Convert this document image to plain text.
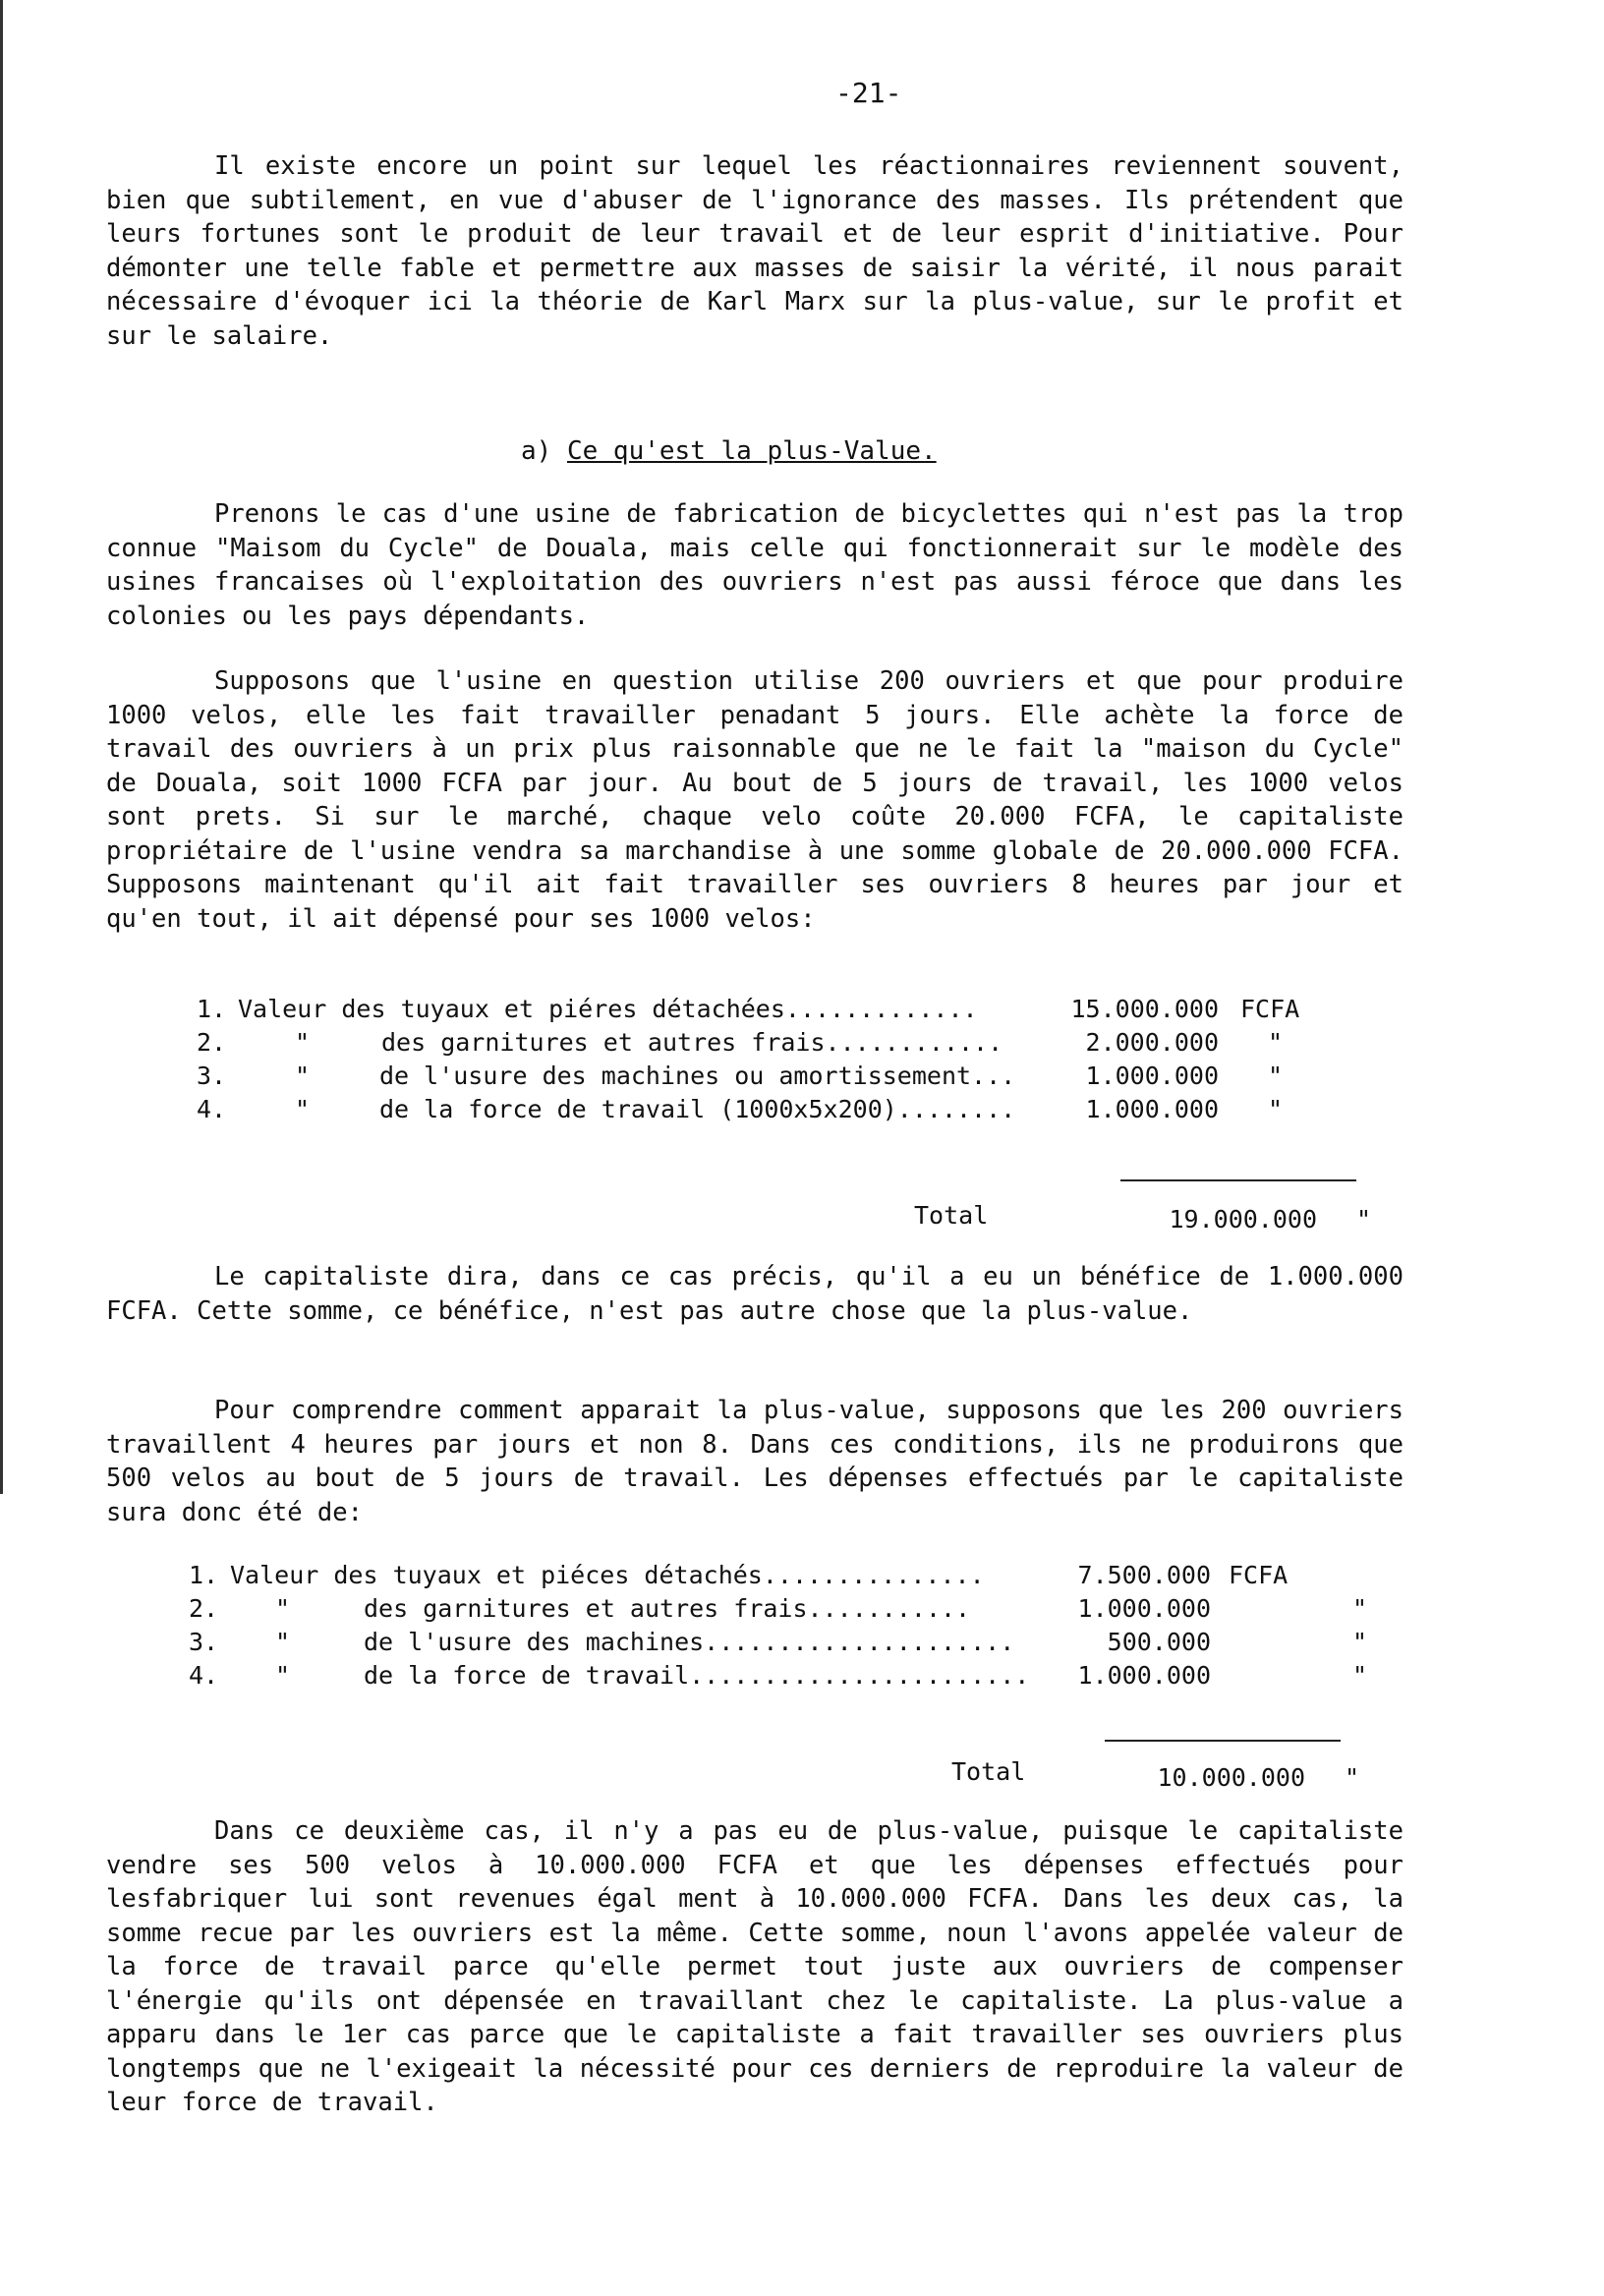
-21-

Il existe encore un point sur lequel les réactionnaires reviennent souvent, bien que subtilement, en vue d'abuser de l'ignorance des masses. Ils prétendent que leurs fortunes sont le produit de leur travail et de leur esprit d'initiative. Pour démonter une telle fable et permettre aux masses de saisir la vérité, il nous parait nécessaire d'évoquer ici la théorie de Karl Marx sur la plus-value, sur le profit et sur le salaire.

a) Ce qu'est la plus-Value.

Prenons le cas d'une usine de fabrication de bicyclettes qui n'est pas la trop connue "Maisom du Cycle" de Douala, mais celle qui fonctionnerait sur le modèle des usines francaises où l'exploitation des ouvriers n'est pas aussi féroce que dans les colonies ou les pays dépendants.

Supposons que l'usine en question utilise 200 ouvriers et que pour produire 1000 velos, elle les fait travailler penadant 5 jours. Elle achète la force de travail des ouvriers à un prix plus raisonnable que ne le fait la "maison du Cycle" de Douala, soit 1000 FCFA par jour. Au bout de 5 jours de travail, les 1000 velos sont prets. Si sur le marché, chaque velo coûte 20.000 FCFA, le capitaliste propriétaire de l'usine vendra sa marchandise à une somme globale de 20.000.000 FCFA. Supposons maintenant qu'il ait fait travailler ses ouvriers 8 heures par jour et qu'en tout, il ait dépensé pour ses 1000 velos:

1. Valeur des tuyaux et piéres détachées.............	15.000.000 FCFA
2.	"	des garnitures et autres frais............	2.000.000 "
3.	"	de l'usure des machines ou amortissement...	1.000.000 "
4.	"	de la force de travail (1000x5x200)........	1.000.000 "
Total	19.000.000 "

Le capitaliste dira, dans ce cas précis, qu'il a eu un bénéfice de 1.000.000 FCFA. Cette somme, ce bénéfice, n'est pas autre chose que la plus-value.

Pour comprendre comment apparait la plus-value, supposons que les 200 ouvriers travaillent 4 heures par jours et non 8. Dans ces conditions, ils ne produirons que 500 velos au bout de 5 jours de travail. Les dépenses effectués par le capitaliste sura donc été de:

1. Valeur des tuyaux et piéces détachés...............	7.500.000 FCFA
2. "	des garnitures et autres frais...........	1.000.000	"
3. "	de l'usure des machines.....................	500.000	"
4. "	de la force de travail.......................	1.000.000	"
Total	10.000.000 "

Dans ce deuxième cas, il n'y a pas eu de plus-value, puisque le capitaliste vendre ses 500 velos à 10.000.000 FCFA et que les dépenses effectués pour lesfabriquer lui sont revenues égal ment à 10.000.000 FCFA. Dans les deux cas, la somme recue par les ouvriers est la même. Cette somme, noun l'avons appelée valeur de la force de travail parce qu'elle permet tout juste aux ouvriers de compenser l'énergie qu'ils ont dépensée en travaillant chez le capitaliste. La plus-value a apparu dans le 1er cas parce que le capitaliste a fait travailler ses ouvriers plus longtemps que ne l'exigeait la nécessité pour ces derniers de reproduire la valeur de leur force de travail.
